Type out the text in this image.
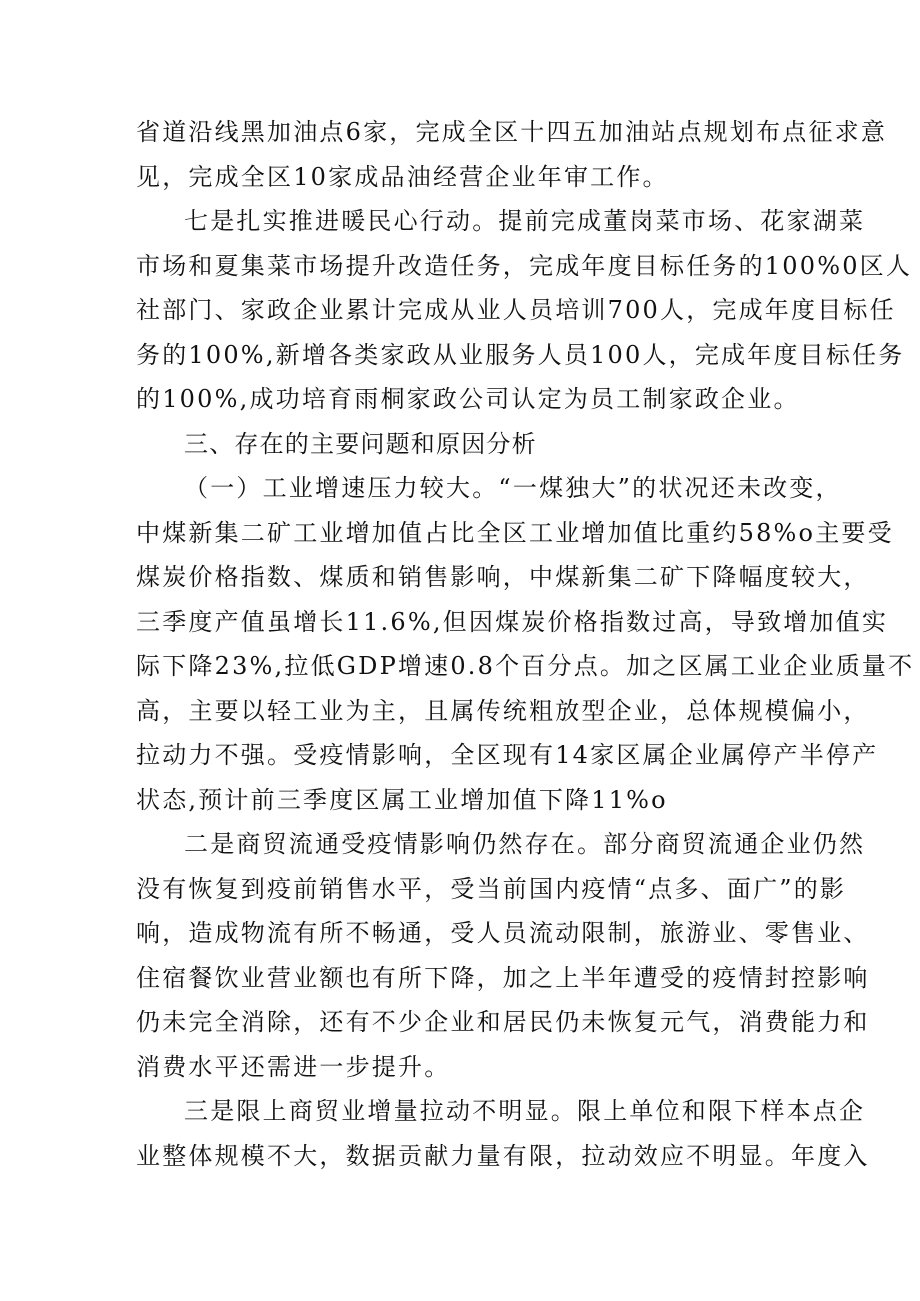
省道沿线黑加油点6家，完成全区十四五加油站点规划布点征求意
见，完成全区10家成品油经营企业年审工作。
七是扎实推进暖民心行动。提前完成董岗菜市场、花家湖菜
市场和夏集菜市场提升改造任务，完成年度目标任务的100%0区人
社部门、家政企业累计完成从业人员培训700人，完成年度目标任
务的100%,新增各类家政从业服务人员100人，完成年度目标任务
的100%,成功培育雨桐家政公司认定为员工制家政企业。
三、存在的主要问题和原因分析
（一）工业增速压力较大。“一煤独大”的状况还未改变，
中煤新集二矿工业增加值占比全区工业增加值比重约58%o主要受
煤炭价格指数、煤质和销售影响，中煤新集二矿下降幅度较大，
三季度产值虽增长11.6%,但因煤炭价格指数过高，导致增加值实
际下降23%,拉低GDP增速0.8个百分点。加之区属工业企业质量不
高，主要以轻工业为主，且属传统粗放型企业，总体规模偏小，
拉动力不强。受疫情影响，全区现有14家区属企业属停产半停产
状态,预计前三季度区属工业增加值下降11%o
二是商贸流通受疫情影响仍然存在。部分商贸流通企业仍然
没有恢复到疫前销售水平，受当前国内疫情“点多、面广”的影
响，造成物流有所不畅通，受人员流动限制，旅游业、零售业、
住宿餐饮业营业额也有所下降，加之上半年遭受的疫情封控影响
仍未完全消除，还有不少企业和居民仍未恢复元气，消费能力和
消费水平还需进一步提升。
三是限上商贸业增量拉动不明显。限上单位和限下样本点企
业整体规模不大，数据贡献力量有限，拉动效应不明显。年度入
